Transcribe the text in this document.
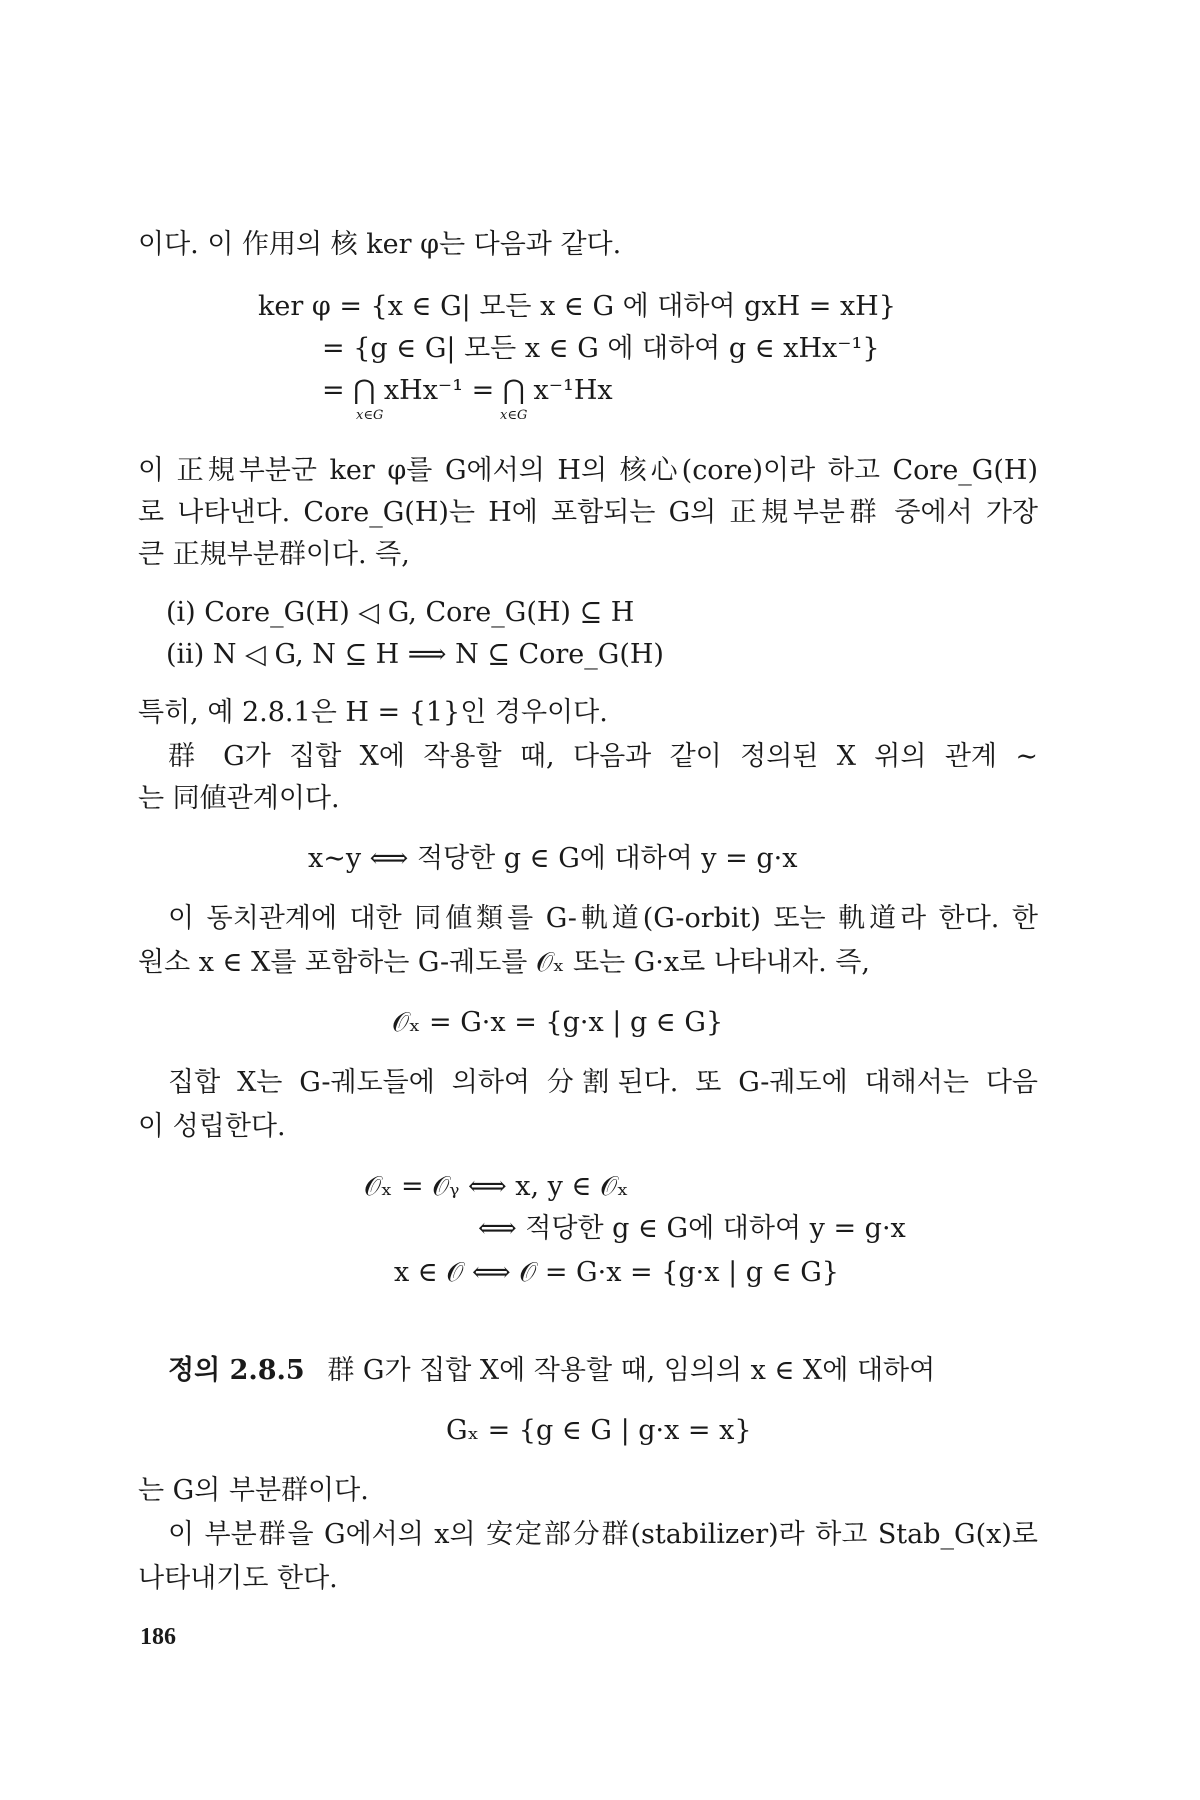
이다. 이 作用의 核 ker φ는 다음과 같다.
ker φ = {x ∈ G| 모든 x ∈ G 에 대하여 gxH = xH}
= {g ∈ G| 모든 x ∈ G 에 대하여 g ∈ xHx⁻¹}
= ⋂ xHx⁻¹ = ⋂ x⁻¹Hx
x∈G	x∈G
이 正規부분군 ker φ를 G에서의 H의 核心(core)이라 하고 Core_G(H)
로 나타낸다. Core_G(H)는 H에 포함되는 G의 正規부분群 중에서 가장
큰 正規부분群이다. 즉,
(i) Core_G(H) ◁ G, Core_G(H) ⊆ H
(ii) N ◁ G, N ⊆ H ⟹ N ⊆ Core_G(H)
특히, 예 2.8.1은 H = {1}인 경우이다.
群 G가 집합 X에 작용할 때, 다음과 같이 정의된 X 위의 관계 ∼
는 同値관계이다.
x∼y ⟺ 적당한 g ∈ G에 대하여 y = g·x
이 동치관계에 대한 同値類를 G-軌道(G-orbit) 또는 軌道라 한다. 한
원소 x ∈ X를 포함하는 G-궤도를 𝒪ₓ 또는 G·x로 나타내자. 즉,
𝒪ₓ = G·x = {g·x | g ∈ G}
집합 X는 G-궤도들에 의하여 分割된다. 또 G-궤도에 대해서는 다음
이 성립한다.
𝒪ₓ = 𝒪ᵧ ⟺ x, y ∈ 𝒪ₓ
⟺ 적당한 g ∈ G에 대하여 y = g·x
x ∈ 𝒪 ⟺ 𝒪 = G·x = {g·x | g ∈ G}
정의 2.8.5 群 G가 집합 X에 작용할 때, 임의의 x ∈ X에 대하여
Gₓ = {g ∈ G | g·x = x}
는 G의 부분群이다.
이 부분群을 G에서의 x의 安定部分群(stabilizer)라 하고 Stab_G(x)로
나타내기도 한다.
186
